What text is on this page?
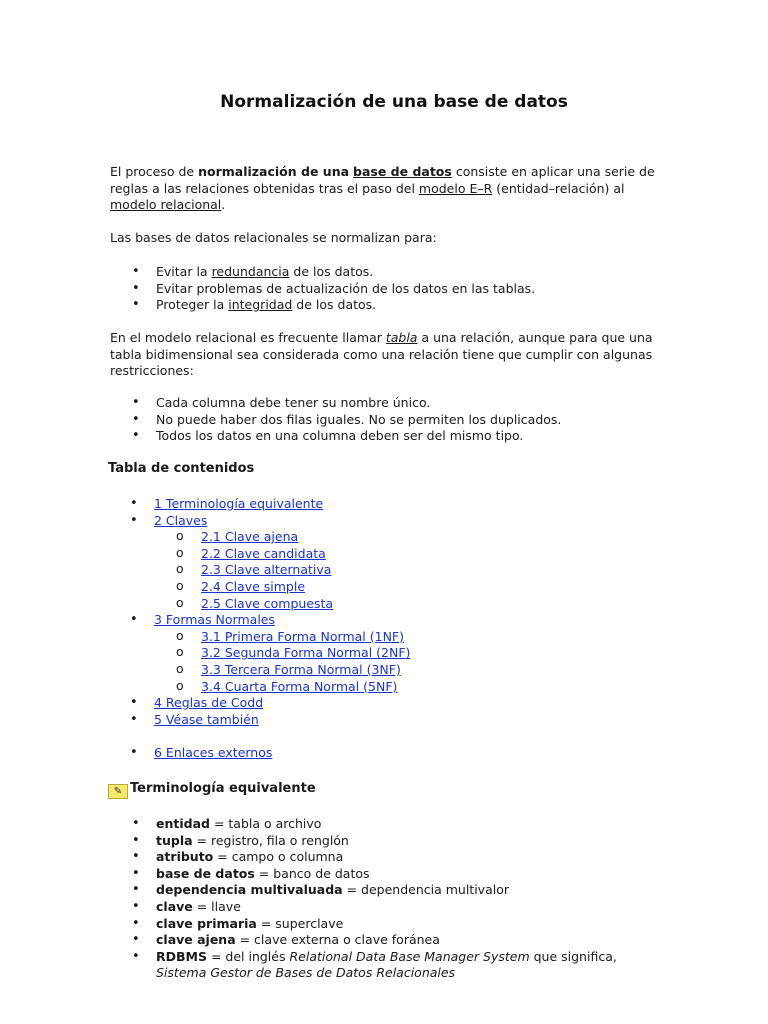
Normalización de una base de datos

El proceso de normalización de una base de datos consiste en aplicar una serie de reglas a las relaciones obtenidas tras el paso del modelo E–R (entidad–relación) al modelo relacional.

Las bases de datos relacionales se normalizan para:

• Evitar la redundancia de los datos.
• Evitar problemas de actualización de los datos en las tablas.
• Proteger la integridad de los datos.

En el modelo relacional es frecuente llamar tabla a una relación, aunque para que una tabla bidimensional sea considerada como una relación tiene que cumplir con algunas restricciones:

• Cada columna debe tener su nombre único.
• No puede haber dos filas iguales. No se permiten los duplicados.
• Todos los datos en una columna deben ser del mismo tipo.
Tabla de contenidos
• 1 Terminología equivalente
• 2 Claves
o 2.1 Clave ajena
o 2.2 Clave candidata
o 2.3 Clave alternativa
o 2.4 Clave simple
o 2.5 Clave compuesta
• 3 Formas Normales
o 3.1 Primera Forma Normal (1NF)
o 3.2 Segunda Forma Normal (2NF)
o 3.3 Tercera Forma Normal (3NF)
o 3.4 Cuarta Forma Normal (5NF)
• 4 Reglas de Codd
• 5 Véase también
• 6 Enlaces externos
✎ Terminología equivalente
• entidad = tabla o archivo
• tupla = registro, fila o renglón
• atributo = campo o columna
• base de datos = banco de datos
• dependencia multivaluada = dependencia multivalor
• clave = llave
• clave primaria = superclave
• clave ajena = clave externa o clave foránea
• RDBMS = del inglés Relational Data Base Manager System que significa,
Sistema Gestor de Bases de Datos Relacionales
